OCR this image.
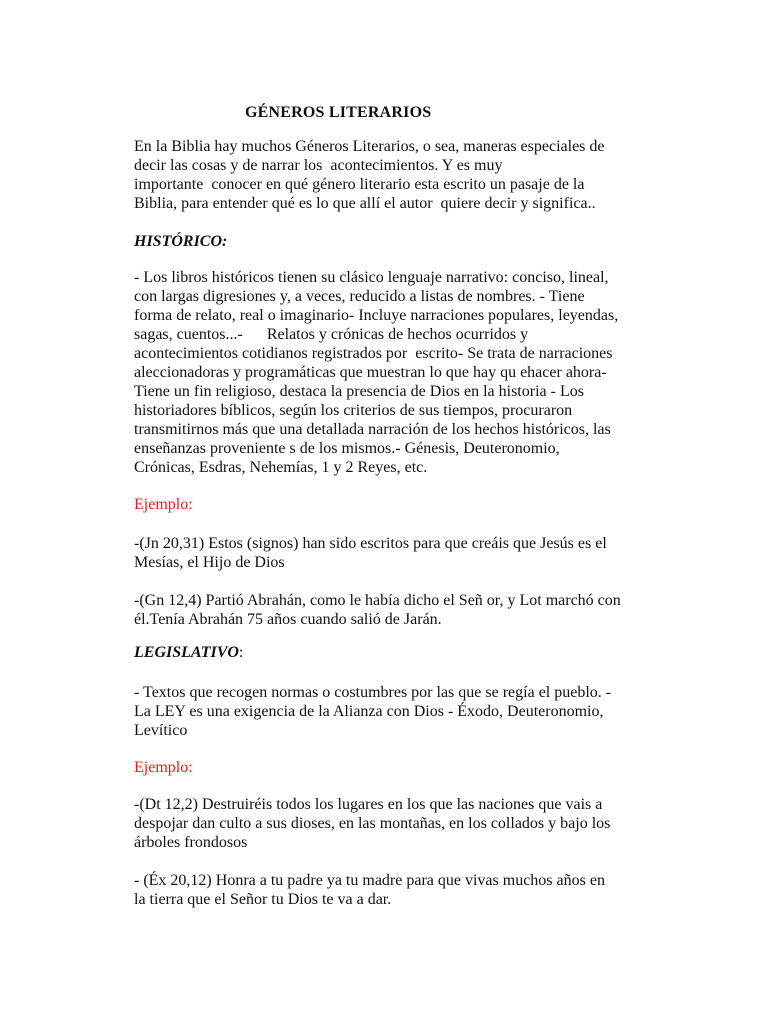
GÉNEROS LITERARIOS
En la Biblia hay muchos Géneros Literarios, o sea, maneras especiales de
decir las cosas y de narrar los  acontecimientos. Y es muy
importante  conocer en qué género literario esta escrito un pasaje de la
Biblia, para entender qué es lo que allí el autor  quiere decir y significa..
HISTÓRICO:
- Los libros históricos tienen su clásico lenguaje narrativo: conciso, lineal,
con largas digresiones y, a veces, reducido a listas de nombres. - Tiene
forma de relato, real o imaginario- Incluye narraciones populares, leyendas,
sagas, cuentos...-      Relatos y crónicas de hechos ocurridos y
acontecimientos cotidianos registrados por  escrito- Se trata de narraciones
aleccionadoras y programáticas que muestran lo que hay qu ehacer ahora-
Tiene un fin religioso, destaca la presencia de Dios en la historia - Los
historiadores bíblicos, según los criterios de sus tiempos, procuraron
transmitirnos más que una detallada narración de los hechos históricos, las
enseñanzas proveniente s de los mismos.- Génesis, Deuteronomio,
Crónicas, Esdras, Nehemías, 1 y 2 Reyes, etc.
Ejemplo:
-(Jn 20,31) Estos (signos) han sido escritos para que creáis que Jesús es el
Mesías, el Hijo de Dios
-(Gn 12,4) Partió Abrahán, como le había dicho el Señ or, y Lot marchó con
él.Tenía Abrahán 75 años cuando salió de Jarán.
LEGISLATIVO:
- Textos que recogen normas o costumbres por las que se regía el pueblo. -
La LEY es una exigencia de la Alianza con Dios - Éxodo, Deuteronomio,
Levítico
Ejemplo:
-(Dt 12,2) Destruiréis todos los lugares en los que las naciones que vais a
despojar dan culto a sus dioses, en las montañas, en los collados y bajo los
árboles frondosos
- (Éx 20,12) Honra a tu padre ya tu madre para que vivas muchos años en
la tierra que el Señor tu Dios te va a dar.
